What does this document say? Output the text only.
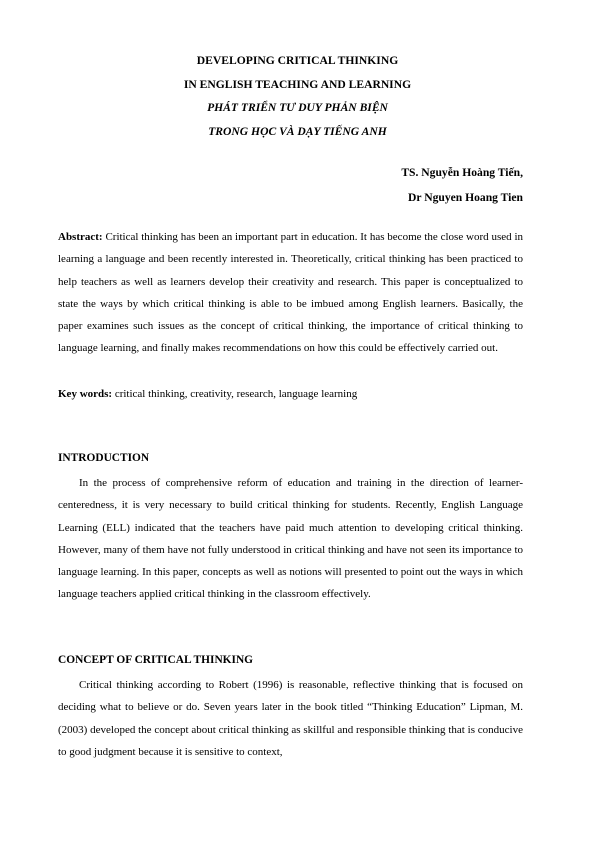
DEVELOPING CRITICAL THINKING
IN ENGLISH TEACHING AND LEARNING
PHÁT TRIỂN TƯ DUY PHẢN BIỆN
TRONG HỌC VÀ DẠY TIẾNG ANH
TS. Nguyễn Hoàng Tiến,
Dr Nguyen Hoang Tien
Abstract: Critical thinking has been an important part in education. It has become the close word used in learning a language and been recently interested in. Theoretically, critical thinking has been practiced to help teachers as well as learners develop their creativity and research. This paper is conceptualized to state the ways by which critical thinking is able to be imbued among English learners. Basically, the paper examines such issues as the concept of critical thinking, the importance of critical thinking to language learning, and finally makes recommendations on how this could be effectively carried out.
Key words: critical thinking, creativity, research, language learning
INTRODUCTION
In the process of comprehensive reform of education and training in the direction of learner-centeredness, it is very necessary to build critical thinking for students. Recently, English Language Learning (ELL) indicated that the teachers have paid much attention to developing critical thinking. However, many of them have not fully understood in critical thinking and have not seen its importance to language learning. In this paper, concepts as well as notions will presented to point out the ways in which language teachers applied critical thinking in the classroom effectively.
CONCEPT OF CRITICAL THINKING
Critical thinking according to Robert (1996) is reasonable, reflective thinking that is focused on deciding what to believe or do. Seven years later in the book titled “Thinking Education” Lipman, M. (2003) developed the concept about critical thinking as skillful and responsible thinking that is conducive to good judgment because it is sensitive to context,
